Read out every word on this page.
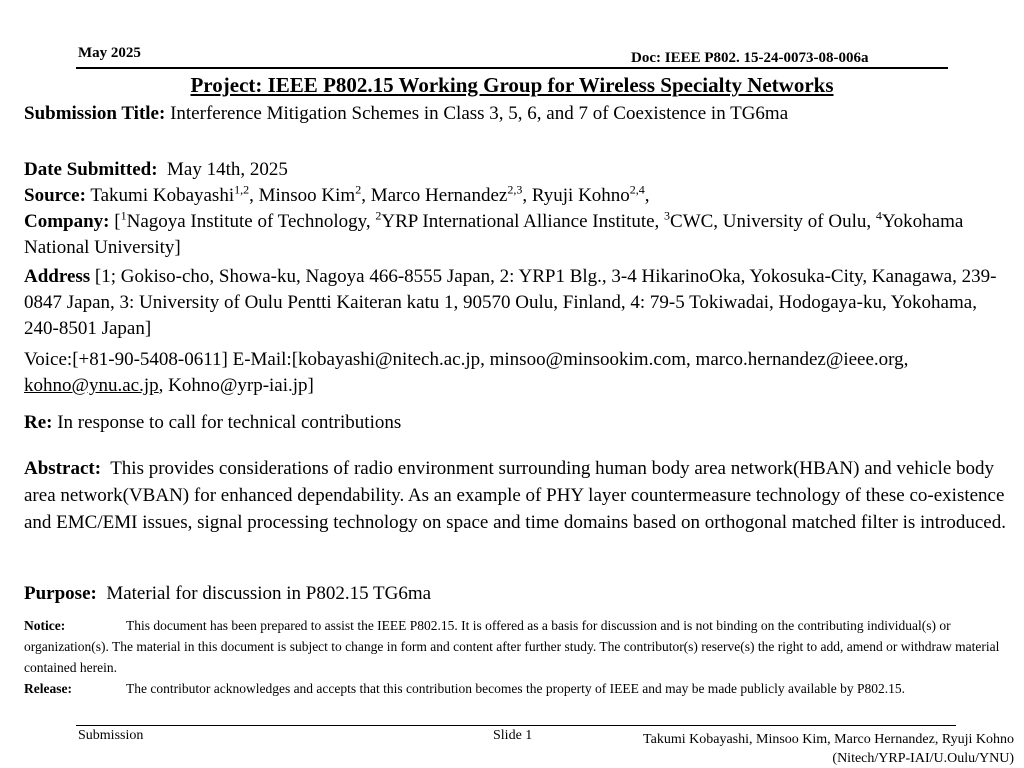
May 2025	Doc: IEEE P802. 15-24-0073-08-006a
Project: IEEE P802.15 Working Group for Wireless Specialty Networks
Submission Title: Interference Mitigation Schemes in Class 3, 5, 6, and 7 of Coexistence in TG6ma
Date Submitted:  May 14th, 2025
Source: Takumi Kobayashi$^{1,2}$, Minsoo Kim$^2$, Marco Hernandez$^{2,3}$, Ryuji Kohno$^{2,4}$,
Company: [$^1$Nagoya Institute of Technology, $^2$YRP International Alliance Institute, $^3$CWC, University of Oulu, $^4$Yokohama National University]
Address [1; Gokiso-cho, Showa-ku, Nagoya 466-8555 Japan, 2: YRP1 Blg., 3-4 HikarinoOka, Yokosuka-City, Kanagawa, 239-0847 Japan, 3: University of Oulu Pentti Kaiteran katu 1, 90570 Oulu, Finland, 4: 79-5 Tokiwadai, Hodogaya-ku, Yokohama, 240-8501 Japan]
Voice:[+81-90-5408-0611] E-Mail:[kobayashi@nitech.ac.jp, minsoo@minsookim.com, marco.hernandez@ieee.org, kohno@ynu.ac.jp, Kohno@yrp-iai.jp]
Re: In response to call for technical contributions
Abstract:  This provides considerations of radio environment surrounding human body area network(HBAN) and vehicle body area network(VBAN) for enhanced dependability. As an example of PHY layer countermeasure technology of these co-existence and EMC/EMI issues, signal processing technology on space and time domains based on orthogonal matched filter is introduced.
Purpose:  Material for discussion in P802.15 TG6ma
Notice:	This document has been prepared to assist the IEEE P802.15. It is offered as a basis for discussion and is not binding on the contributing individual(s) or organization(s). The material in this document is subject to change in form and content after further study. The contributor(s) reserve(s) the right to add, amend or withdraw material contained herein.
Release:	The contributor acknowledges and accepts that this contribution becomes the property of IEEE and may be made publicly available by P802.15.
Submission	Slide 1	Takumi Kobayashi, Minsoo Kim, Marco Hernandez, Ryuji Kohno
(Nitech/YRP-IAI/U.Oulu/YNU)
